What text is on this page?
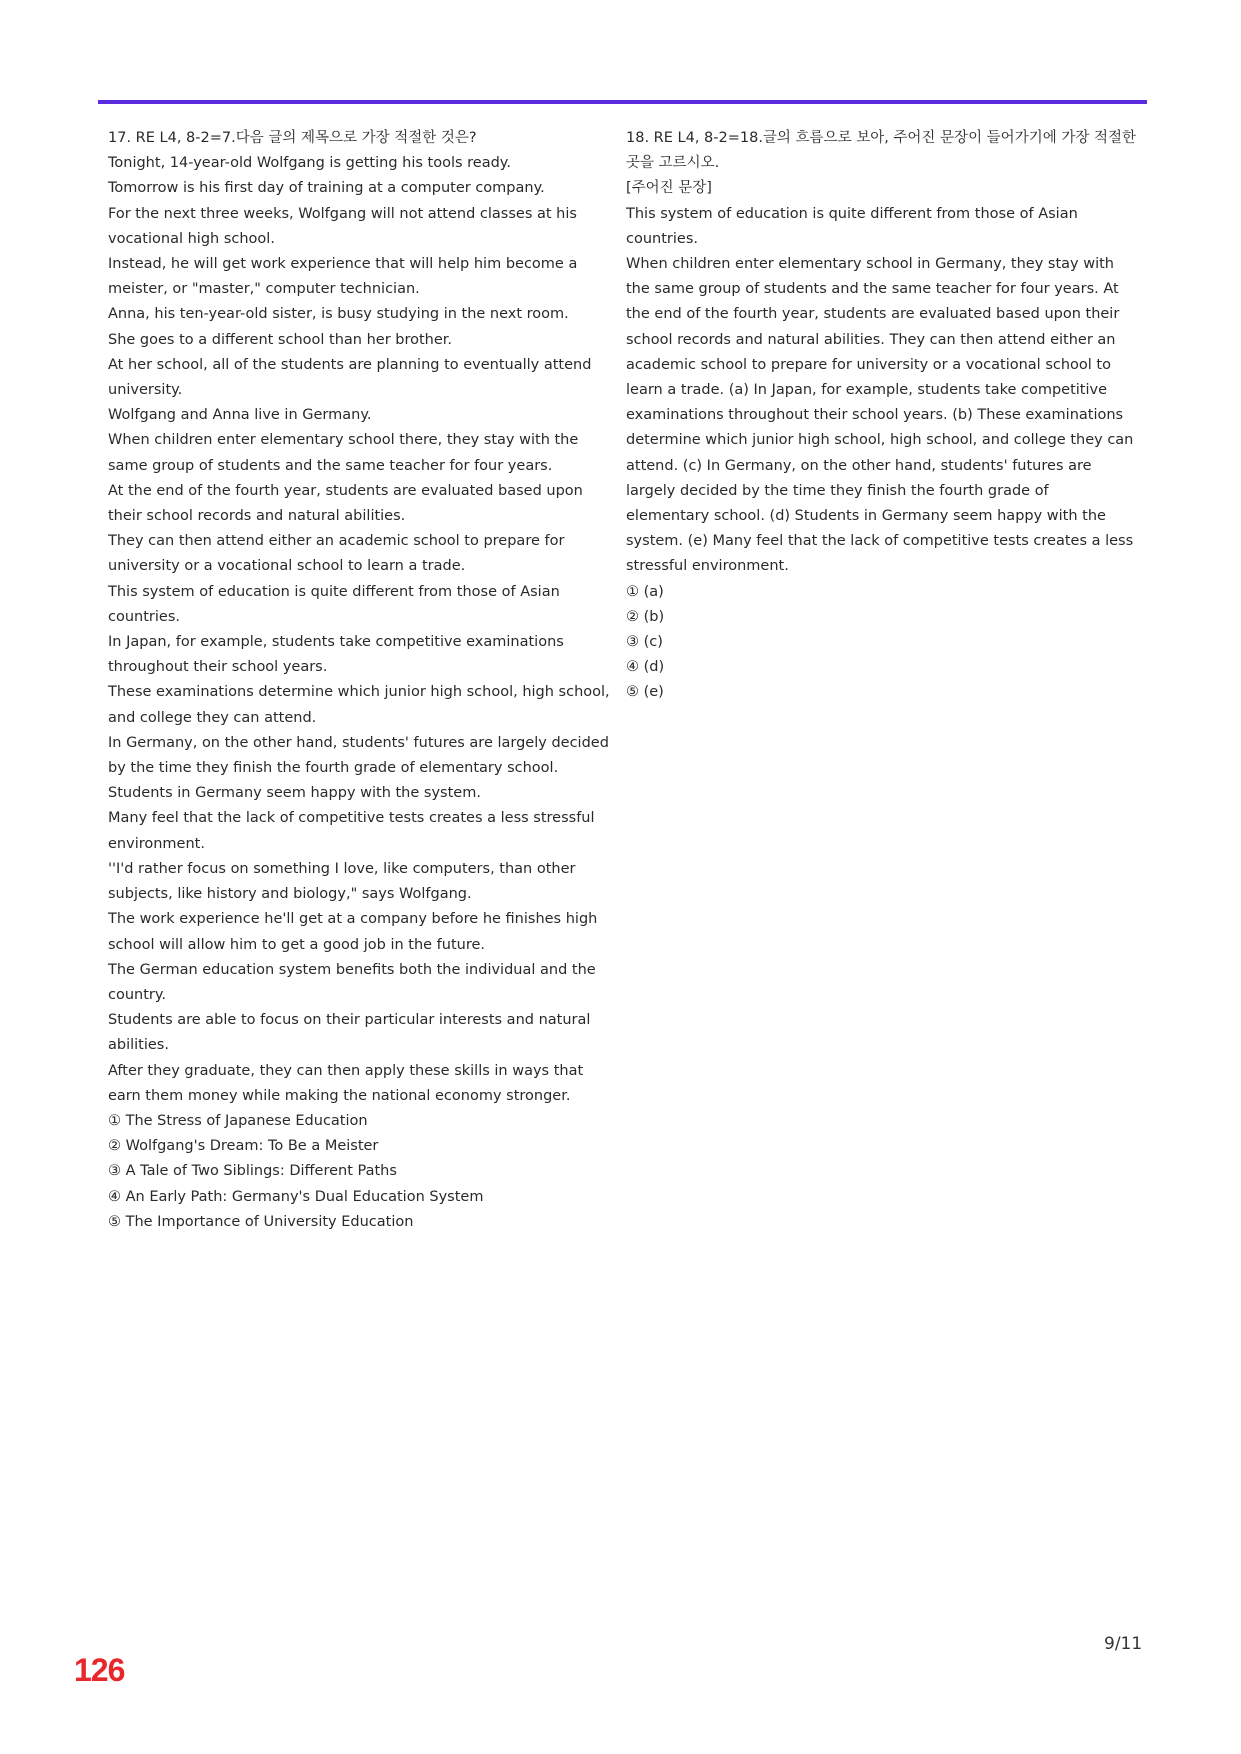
17. RE L4, 8-2=7.다음 글의 제목으로 가장 적절한 것은?

Tonight, 14-year-old Wolfgang is getting his tools ready.

Tomorrow is his first day of training at a computer company.

For the next three weeks, Wolfgang will not attend classes at his vocational high school.

Instead, he will get work experience that will help him become a meister, or "master," computer technician.

Anna, his ten-year-old sister, is busy studying in the next room.

She goes to a different school than her brother.

At her school, all of the students are planning to eventually attend university.

Wolfgang and Anna live in Germany.

When children enter elementary school there, they stay with the same group of students and the same teacher for four years.

At the end of the fourth year, students are evaluated based upon their school records and natural abilities.

They can then attend either an academic school to prepare for university or a vocational school to learn a trade.

This system of education is quite different from those of Asian countries.

In Japan, for example, students take competitive examinations throughout their school years.

These examinations determine which junior high school, high school, and college they can attend.

In Germany, on the other hand, students' futures are largely decided by the time they finish the fourth grade of elementary school.

Students in Germany seem happy with the system.

Many feel that the lack of competitive tests creates a less stressful environment.

''I'd rather focus on something I love, like computers, than other subjects, like history and biology," says Wolfgang.

The work experience he'll get at a company before he finishes high school will allow him to get a good job in the future.

The German education system benefits both the individual and the country.

Students are able to focus on their particular interests and natural abilities.

After they graduate, they can then apply these skills in ways that earn them money while making the national economy stronger.

① The Stress of Japanese Education

② Wolfgang's Dream: To Be a Meister

③ A Tale of Two Siblings: Different Paths

④ An Early Path: Germany's Dual Education System

⑤ The Importance of University Education

18. RE L4, 8-2=18.글의 흐름으로 보아, 주어진 문장이 들어가기에 가장 적절한 곳을 고르시오.

[주어진 문장]

This system of education is quite different from those of Asian countries.

When children enter elementary school in Germany, they stay with the same group of students and the same teacher for four years. At the end of the fourth year, students are evaluated based upon their school records and natural abilities. They can then attend either an academic school to prepare for university or a vocational school to learn a trade. (a) In Japan, for example, students take competitive examinations throughout their school years. (b) These examinations determine which junior high school, high school, and college they can attend. (c) In Germany, on the other hand, students' futures are largely decided by the time they finish the fourth grade of elementary school. (d) Students in Germany seem happy with the system. (e) Many feel that the lack of competitive tests creates a less stressful environment.

① (a)

② (b)

③ (c)

④ (d)

⑤ (e)

9/11
126
